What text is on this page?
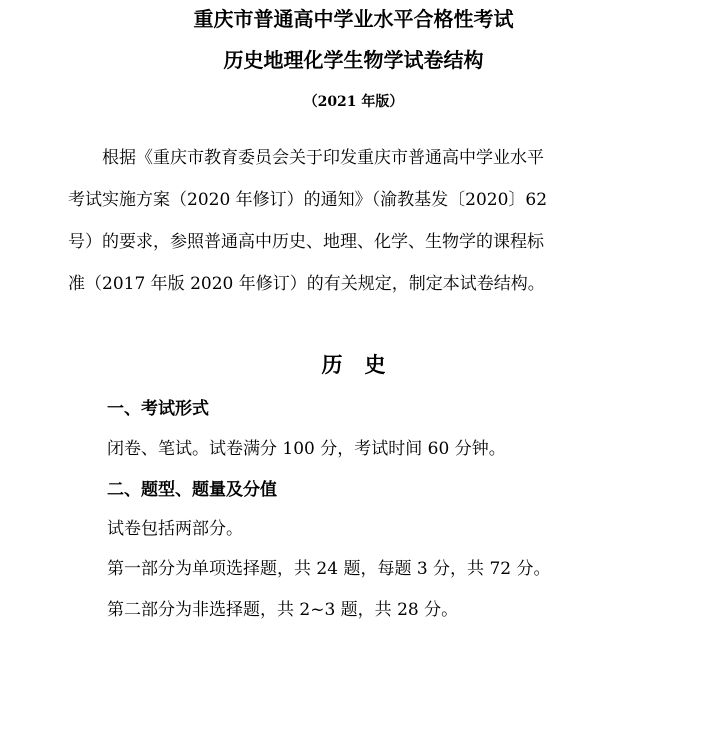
重庆市普通高中学业水平合格性考试
历史地理化学生物学试卷结构
（2021 年版）
根据《重庆市教育委员会关于印发重庆市普通高中学业水平
考试实施方案（2020 年修订）的通知》（渝教基发〔2020〕62
号）的要求，参照普通高中历史、地理、化学、生物学的课程标
准（2017 年版 2020 年修订）的有关规定，制定本试卷结构。
历史
一、考试形式
闭卷、笔试。试卷满分 100 分，考试时间 60 分钟。
二、题型、题量及分值
试卷包括两部分。
第一部分为单项选择题，共 24 题，每题 3 分，共 72 分。
第二部分为非选择题，共 2~3 题，共 28 分。
